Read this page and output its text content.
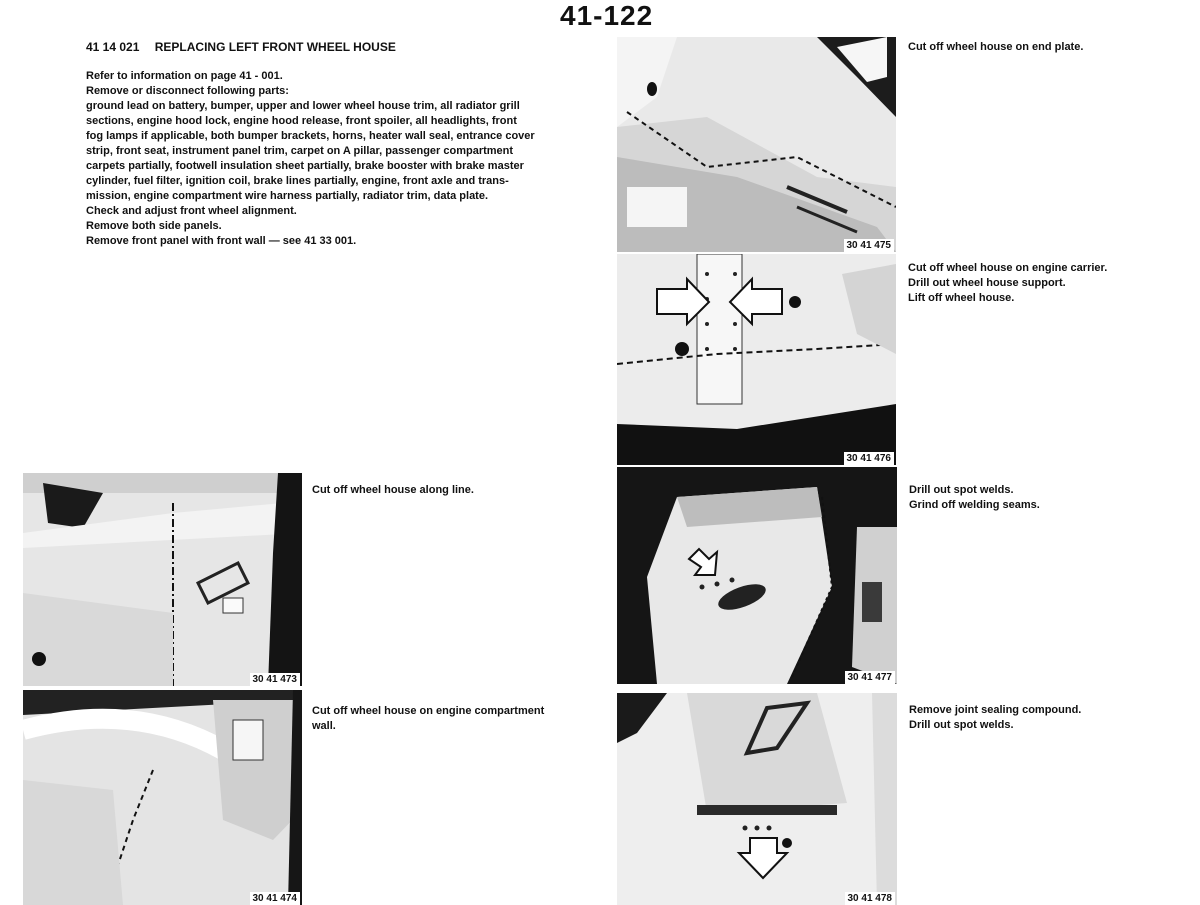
41-122
41 14 021 REPLACING LEFT FRONT WHEEL HOUSE

Refer to information on page 41 - 001.

Remove or disconnect following parts:

ground lead on battery, bumper, upper and lower wheel house trim, all radiator grill

sections, engine hood lock, engine hood release, front spoiler, all headlights, front

fog lamps if applicable, both bumper brackets, horns, heater wall seal, entrance cover

strip, front seat, instrument panel trim, carpet on A pillar, passenger compartment

carpets partially, footwell insulation sheet partially, brake booster with brake master

cylinder, fuel filter, ignition coil, brake lines partially, engine, front axle and trans-

mission, engine compartment wire harness partially, radiator trim, data plate.

Check and adjust front wheel alignment.

Remove both side panels.

Remove front panel with front wall — see 41 33 001.	30 41 475

Cut off wheel house on end plate.

30 41 476

Cut off wheel house on engine carrier.

Drill out wheel house support.

Lift off wheel house.

30 41 473

Cut off wheel house along line.

30 41 477

Drill out spot welds.

Grind off welding seams.

30 41 474

Cut off wheel house on engine compartment

wall.

30 41 478

Remove joint sealing compound.

Drill out spot welds.
